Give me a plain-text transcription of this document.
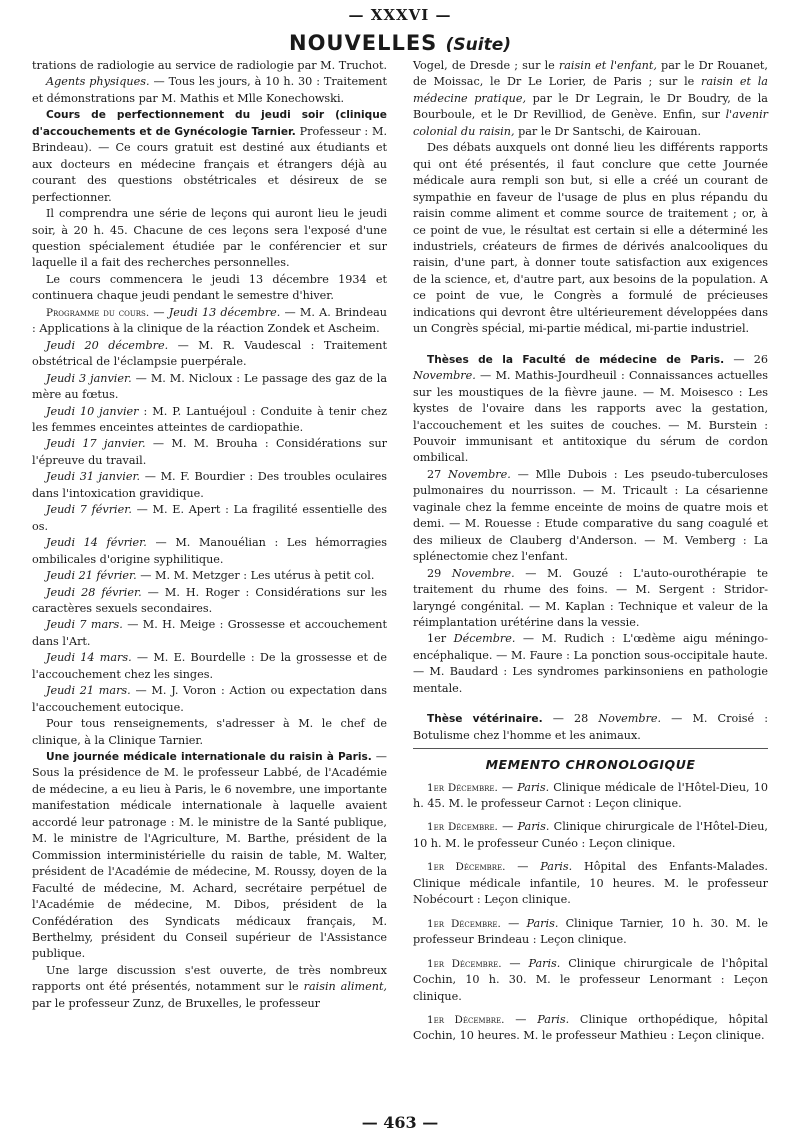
— XXXVI —
NOUVELLES (Suite)

trations de radiologie au service de radiologie par M. Truchot.

Agents physiques. — Tous les jours, à 10 h. 30 : Traitement et démonstrations par M. Mathis et Mlle Konechowski.

Cours de perfectionnement du jeudi soir (clinique d'accouchements et de Gynécologie Tarnier. Professeur : M. Brindeau). — Ce cours gratuit est destiné aux étudiants et aux docteurs en médecine français et étrangers déjà au courant des questions obstétricales et désireux de se perfectionner.

Il comprendra une série de leçons qui auront lieu le jeudi soir, à 20 h. 45. Chacune de ces leçons sera l'exposé d'une question spécialement étudiée par le conférencier et sur laquelle il a fait des recherches personnelles.

Le cours commencera le jeudi 13 décembre 1934 et continuera chaque jeudi pendant le semestre d'hiver.

Programme du cours. — Jeudi 13 décembre. — M. A. Brindeau : Applications à la clinique de la réaction Zondek et Ascheim.

Jeudi 20 décembre. — M. R. Vaudescal : Traitement obstétrical de l'éclampsie puerpérale.

Jeudi 3 janvier. — M. M. Nicloux : Le passage des gaz de la mère au fœtus.

Jeudi 10 janvier : M. P. Lantuéjoul : Conduite à tenir chez les femmes enceintes atteintes de cardiopathie.

Jeudi 17 janvier. — M. M. Brouha : Considérations sur l'épreuve du travail.

Jeudi 31 janvier. — M. F. Bourdier : Des troubles oculaires dans l'intoxication gravidique.

Jeudi 7 février. — M. E. Apert : La fragilité essentielle des os.

Jeudi 14 février. — M. Manouélian : Les hémorragies ombilicales d'origine syphilitique.

Jeudi 21 février. — M. M. Metzger : Les utérus à petit col.

Jeudi 28 février. — M. H. Roger : Considérations sur les caractères sexuels secondaires.

Jeudi 7 mars. — M. H. Meige : Grossesse et accouchement dans l'Art.

Jeudi 14 mars. — M. E. Bourdelle : De la grossesse et de l'accouchement chez les singes.

Jeudi 21 mars. — M. J. Voron : Action ou expectation dans l'accouchement eutocique.

Pour tous renseignements, s'adresser à M. le chef de clinique, à la Clinique Tarnier.

Une journée médicale internationale du raisin à Paris. — Sous la présidence de M. le professeur Labbé, de l'Académie de médecine, a eu lieu à Paris, le 6 novembre, une importante manifestation médicale internationale à laquelle avaient accordé leur patronage : M. le ministre de la Santé publique, M. le ministre de l'Agriculture, M. Barthe, président de la Commission interministérielle du raisin de table, M. Walter, président de l'Académie de médecine, M. Roussy, doyen de la Faculté de médecine, M. Achard, secrétaire perpétuel de l'Académie de médecine, M. Dibos, président de la Confédération des Syndicats médicaux français, M. Berthelmy, président du Conseil supérieur de l'Assistance publique.

Une large discussion s'est ouverte, de très nombreux rapports ont été présentés, notamment sur le raisin aliment, par le professeur Zunz, de Bruxelles, le professeur

Vogel, de Dresde ; sur le raisin et l'enfant, par le Dr Rouanet, de Moissac, le Dr Le Lorier, de Paris ; sur le raisin et la médecine pratique, par le Dr Legrain, le Dr Boudry, de la Bourboule, et le Dr Revilliod, de Genève. Enfin, sur l'avenir colonial du raisin, par le Dr Santschi, de Kairouan.

Des débats auxquels ont donné lieu les différents rapports qui ont été présentés, il faut conclure que cette Journée médicale aura rempli son but, si elle a créé un courant de sympathie en faveur de l'usage de plus en plus répandu du raisin comme aliment et comme source de traitement ; or, à ce point de vue, le résultat est certain si elle a déterminé les industriels, créateurs de firmes de dérivés analcooliques du raisin, d'une part, à donner toute satisfaction aux exigences de la science, et, d'autre part, aux besoins de la population. A ce point de vue, le Congrès a formulé de précieuses indications qui devront être ultérieurement développées dans un Congrès spécial, mi-partie médical, mi-partie industriel.

Thèses de la Faculté de médecine de Paris. — 26 Novembre. — M. Mathis-Jourdheuil : Connaissances actuelles sur les moustiques de la fièvre jaune. — M. Moisesco : Les kystes de l'ovaire dans les rapports avec la gestation, l'accouchement et les suites de couches. — M. Burstein : Pouvoir immunisant et antitoxique du sérum de cordon ombilical.

27 Novembre. — Mlle Dubois : Les pseudo-tuberculoses pulmonaires du nourrisson. — M. Tricault : La césarienne vaginale chez la femme enceinte de moins de quatre mois et demi. — M. Rouesse : Etude comparative du sang coagulé et des milieux de Clauberg d'Anderson. — M. Vemberg : La splénectomie chez l'enfant.

29 Novembre. — M. Gouzé : L'auto-ourothérapie te traitement du rhume des foins. — M. Sergent : Stridor-laryngé congénital. — M. Kaplan : Technique et valeur de la réimplantation urétérine dans la vessie.

1er Décembre. — M. Rudich : L'œdème aigu méningo-encéphalique. — M. Faure : La ponction sous-occipitale haute. — M. Baudard : Les syndromes parkinsoniens en pathologie mentale.

Thèse vétérinaire. — 28 Novembre. — M. Croisé : Botulisme chez l'homme et les animaux.

MEMENTO CHRONOLOGIQUE

1er Décembre. — Paris. Clinique médicale de l'Hôtel-Dieu, 10 h. 45. M. le professeur Carnot : Leçon clinique.

1er Décembre. — Paris. Clinique chirurgicale de l'Hôtel-Dieu, 10 h. M. le professeur Cunéo : Leçon clinique.

1er Décembre. — Paris. Hôpital des Enfants-Malades. Clinique médicale infantile, 10 heures. M. le professeur Nobécourt : Leçon clinique.

1er Décembre. — Paris. Clinique Tarnier, 10 h. 30. M. le professeur Brindeau : Leçon clinique.

1er Décembre. — Paris. Clinique chirurgicale de l'hôpital Cochin, 10 h. 30. M. le professeur Lenormant : Leçon clinique.

1er Décembre. — Paris. Clinique orthopédique, hôpital Cochin, 10 heures. M. le professeur Mathieu : Leçon clinique.

— 463 —
